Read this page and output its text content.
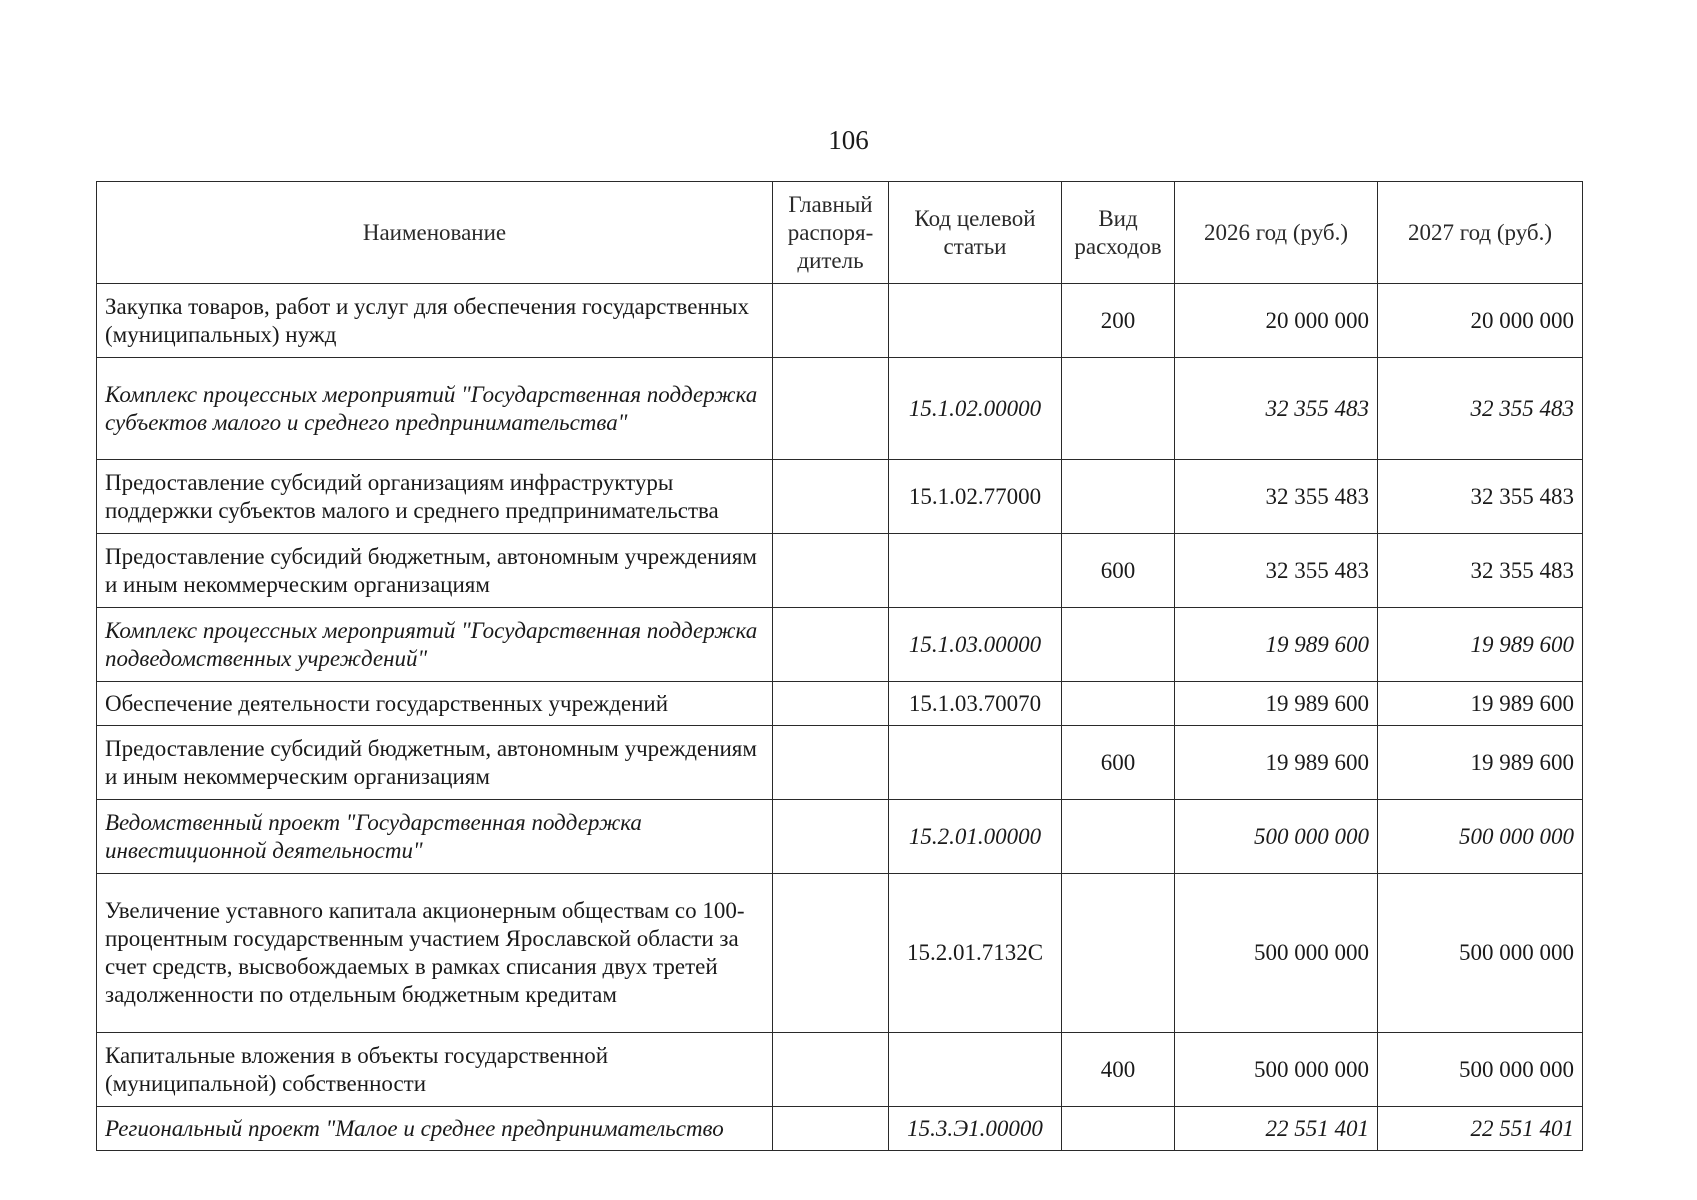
106
Наименование	Главный распоря-дитель	Код целевой статьи	Вид расходов	2026 год (руб.)	2027 год (руб.)
Закупка товаров, работ и услуг для обеспечения государственных (муниципальных) нужд			200	20 000 000	20 000 000
Комплекс процессных мероприятий "Государственная поддержка субъектов малого и среднего предпринимательства"		15.1.02.00000		32 355 483	32 355 483
Предоставление субсидий организациям инфраструктуры поддержки субъектов малого и среднего предпринимательства		15.1.02.77000		32 355 483	32 355 483
Предоставление субсидий бюджетным, автономным учреждениям и иным некоммерческим организациям			600	32 355 483	32 355 483
Комплекс процессных мероприятий "Государственная поддержка подведомственных учреждений"		15.1.03.00000		19 989 600	19 989 600
Обеспечение деятельности государственных учреждений		15.1.03.70070		19 989 600	19 989 600
Предоставление субсидий бюджетным, автономным учреждениям и иным некоммерческим организациям			600	19 989 600	19 989 600
Ведомственный проект "Государственная поддержка инвестиционной деятельности"		15.2.01.00000		500 000 000	500 000 000
Увеличение уставного капитала акционерным обществам со 100-процентным государственным участием Ярославской области за счет средств, высвобождаемых в рамках списания двух третей задолженности по отдельным бюджетным кредитам		15.2.01.7132С		500 000 000	500 000 000
Капитальные вложения в объекты государственной (муниципальной) собственности			400	500 000 000	500 000 000
Региональный проект "Малое и среднее предпринимательство		15.3.Э1.00000		22 551 401	22 551 401
